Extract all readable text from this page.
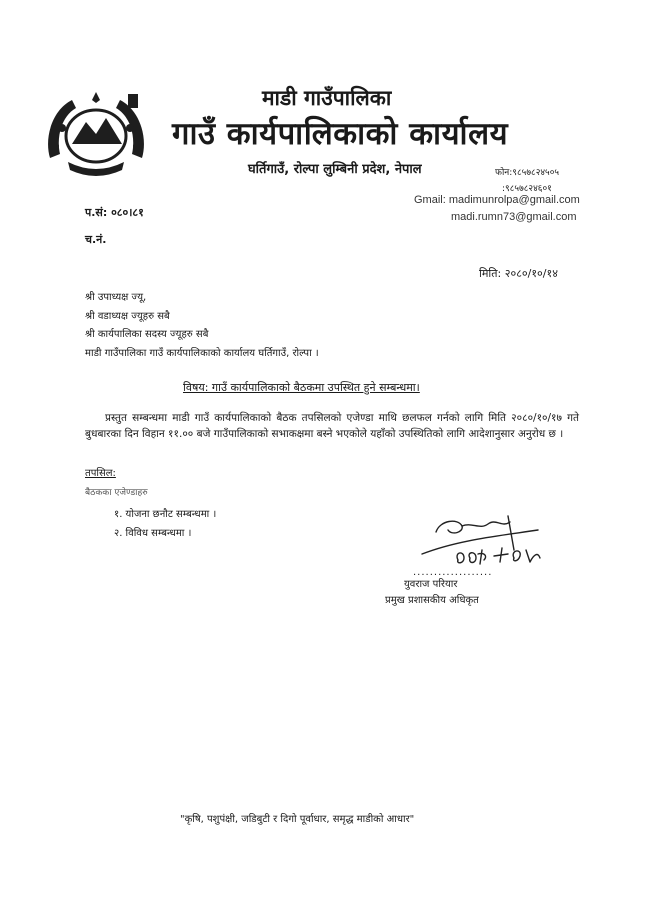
माडी गाउँपालिका
गाउँ कार्यपालिकाको कार्यालय
घर्तिगाउँ, रोल्पा लुम्बिनी प्रदेश, नेपाल	फोन:९८५७८२४५०५
:९८५७८२४६०१
Gmail: madimunrolpa@gmail.com
madi.rumn73@gmail.com
प.सं: ०८०।८१
च.नं.
मिति: २०८०/१०/१४
श्री उपाध्यक्ष ज्यू,
श्री वडाध्यक्ष ज्यूहरु सबै
श्री कार्यपालिका सदस्य ज्यूहरु सबै
माडी गाउँपालिका गाउँ कार्यपालिकाको कार्यालय घर्तिगाउँ, रोल्पा ।
विषय: गाउँ कार्यपालिकाको बैठकमा उपस्थित हुने सम्बन्धमा।
प्रस्तुत सम्बन्धमा माडी गाउँ कार्यपालिकाको बैठक तपसिलको एजेण्डा माथि छलफल गर्नको लागि मिति २०८०/१०/१७ गते बुधबारका दिन विहान ११.०० बजे गाउँपालिकाको सभाकक्षमा बस्ने भएकोले यहाँको उपस्थितिको लागि आदेशानुसार अनुरोध छ ।
तपसिल:
बैठकका एजेण्डाहरु
१. योजना छनौट सम्बन्धमा ।
२. विविध सम्बन्धमा ।
...................
युवराज परियार
प्रमुख प्रशासकीय अधिकृत
"कृषि, पशुपंक्षी, जडिबुटी र दिगो पूर्वाधार, समृद्ध माडीको आधार"
